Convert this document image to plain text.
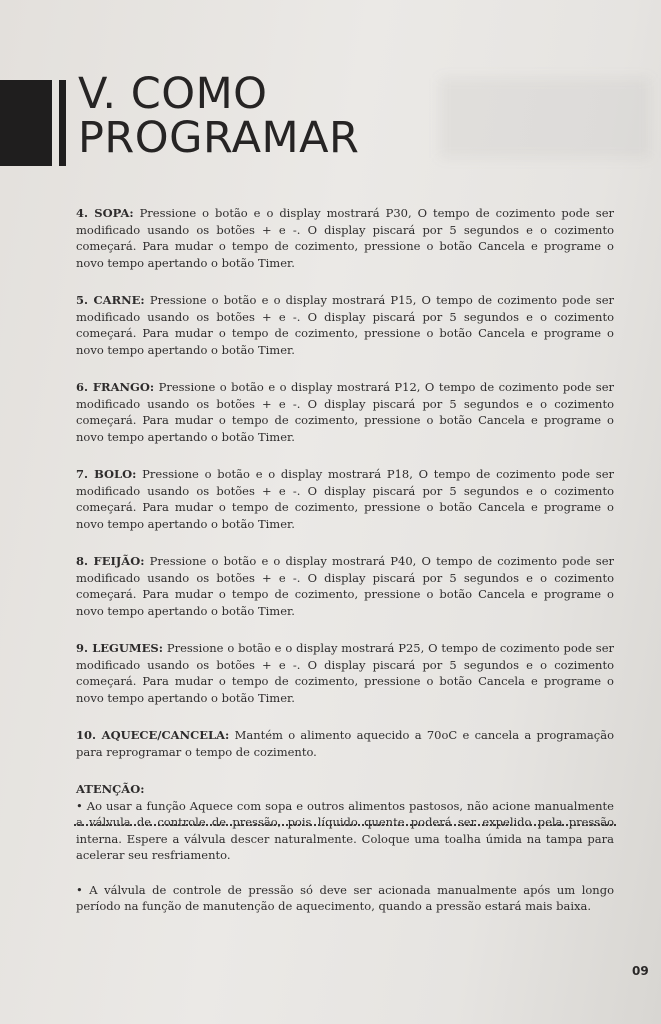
V. COMO
PROGRAMAR

4. SOPA: Pressione o botão e o display mostrará P30, O tempo de cozimento pode ser modificado usando os botões + e -. O display piscará por 5 segundos e o cozimento começará. Para mudar o tempo de cozimento, pressione o botão Cancela e programe o novo tempo apertando o botão Timer.

5. CARNE: Pressione o botão e o display mostrará P15, O tempo de cozimento pode ser modificado usando os botões + e -. O display piscará por 5 segundos e o cozimento começará. Para mudar o tempo de cozimento, pressione o botão Cancela e programe o novo tempo apertando o botão Timer.

6. FRANGO: Pressione o botão e o display mostrará P12, O tempo de cozimento pode ser modificado usando os botões + e -. O display piscará por 5 segundos e o cozimento começará. Para mudar o tempo de cozimento, pressione o botão Cancela e programe o novo tempo apertando o botão Timer.

7. BOLO: Pressione o botão e o display mostrará P18, O tempo de cozimento pode ser modificado usando os botões + e -. O display piscará por 5 segundos e o cozimento começará. Para mudar o tempo de cozimento, pressione o botão Cancela e programe o novo tempo apertando o botão Timer.

8. FEIJÃO: Pressione o botão e o display mostrará P40, O tempo de cozimento pode ser modificado usando os botões + e -. O display piscará por 5 segundos e o cozimento começará. Para mudar o tempo de cozimento, pressione o botão Cancela e programe o novo tempo apertando o botão Timer.

9. LEGUMES: Pressione o botão e o display mostrará P25, O tempo de cozimento pode ser modificado usando os botões + e -. O display piscará por 5 segundos e o cozimento começará. Para mudar o tempo de cozimento, pressione o botão Cancela e programe o novo tempo apertando o botão Timer.

10. AQUECE/CANCELA: Mantém o alimento aquecido a 70oC e cancela a programação para reprogramar o tempo de cozimento.

ATENÇÃO:

• Ao usar a função Aquece com sopa e outros alimentos pastosos, não acione manualmente a válvula de controle de pressão, pois líquido quente poderá ser expelido pela pressão interna. Espere a válvula descer naturalmente. Coloque uma toalha úmida na tampa para acelerar seu resfriamento.

• A válvula de controle de pressão só deve ser acionada manualmente após um longo período na função de manutenção de aquecimento, quando a pressão estará mais baixa.

09
